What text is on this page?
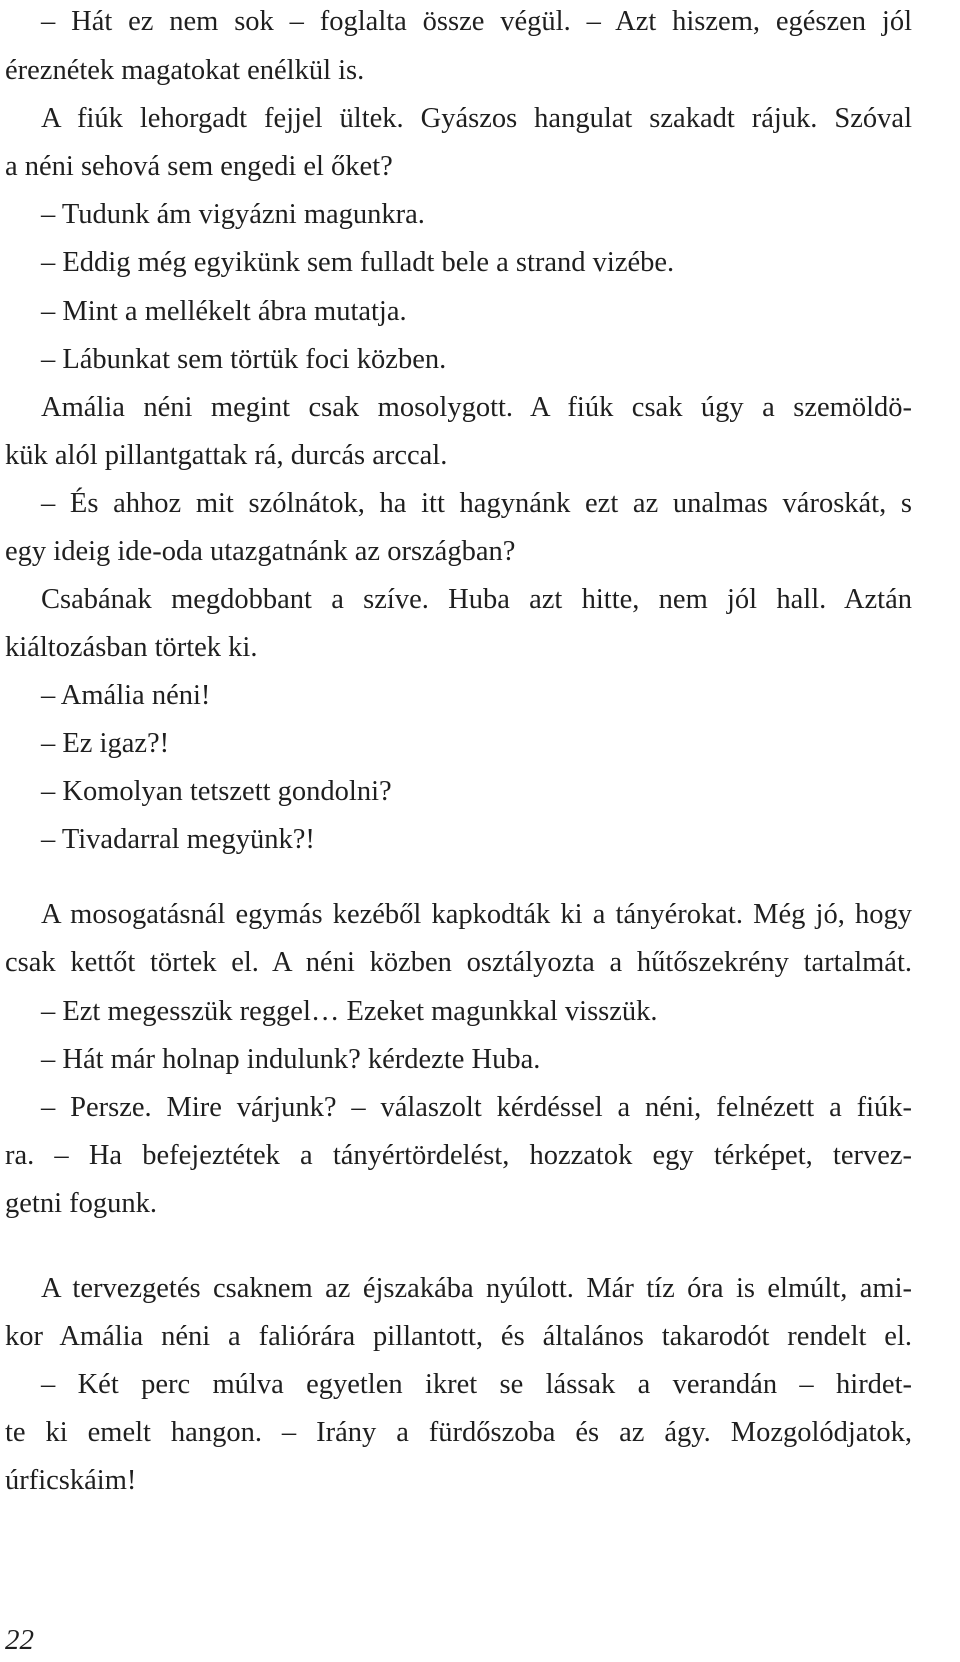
– Hát ez nem sok – foglalta össze végül. – Azt hiszem, egészen jól
éreznétek magatokat enélkül is.
A fiúk lehorgadt fejjel ültek. Gyászos hangulat szakadt rájuk. Szóval
a néni sehová sem engedi el őket?
– Tudunk ám vigyázni magunkra.
– Eddig még egyikünk sem fulladt bele a strand vizébe.
– Mint a mellékelt ábra mutatja.
– Lábunkat sem törtük foci közben.
Amália néni megint csak mosolygott. A fiúk csak úgy a szemöldö-
kük alól pillantgattak rá, durcás arccal.
– És ahhoz mit szólnátok, ha itt hagynánk ezt az unalmas városkát, s
egy ideig ide-oda utazgatnánk az országban?
Csabának megdobbant a szíve. Huba azt hitte, nem jól hall. Aztán
kiáltozásban törtek ki.
– Amália néni!
– Ez igaz?!
– Komolyan tetszett gondolni?
– Tivadarral megyünk?!
A mosogatásnál egymás kezéből kapkodták ki a tányérokat. Még jó, hogy
csak kettőt törtek el. A néni közben osztályozta a hűtőszekrény tartalmát.
– Ezt megesszük reggel… Ezeket magunkkal visszük.
– Hát már holnap indulunk? kérdezte Huba.
– Persze. Mire várjunk? – válaszolt kérdéssel a néni, felnézett a fiúk-
ra. – Ha befejeztétek a tányértördelést, hozzatok egy térképet, tervez-
getni fogunk.
A tervezgetés csaknem az éjszakába nyúlott. Már tíz óra is elmúlt, ami-
kor Amália néni a faliórára pillantott, és általános takarodót rendelt el.
– Két perc múlva egyetlen ikret se lássak a verandán – hirdet-
te ki emelt hangon. – Irány a fürdőszoba és az ágy. Mozgolódjatok,
úrficskáim!
22
